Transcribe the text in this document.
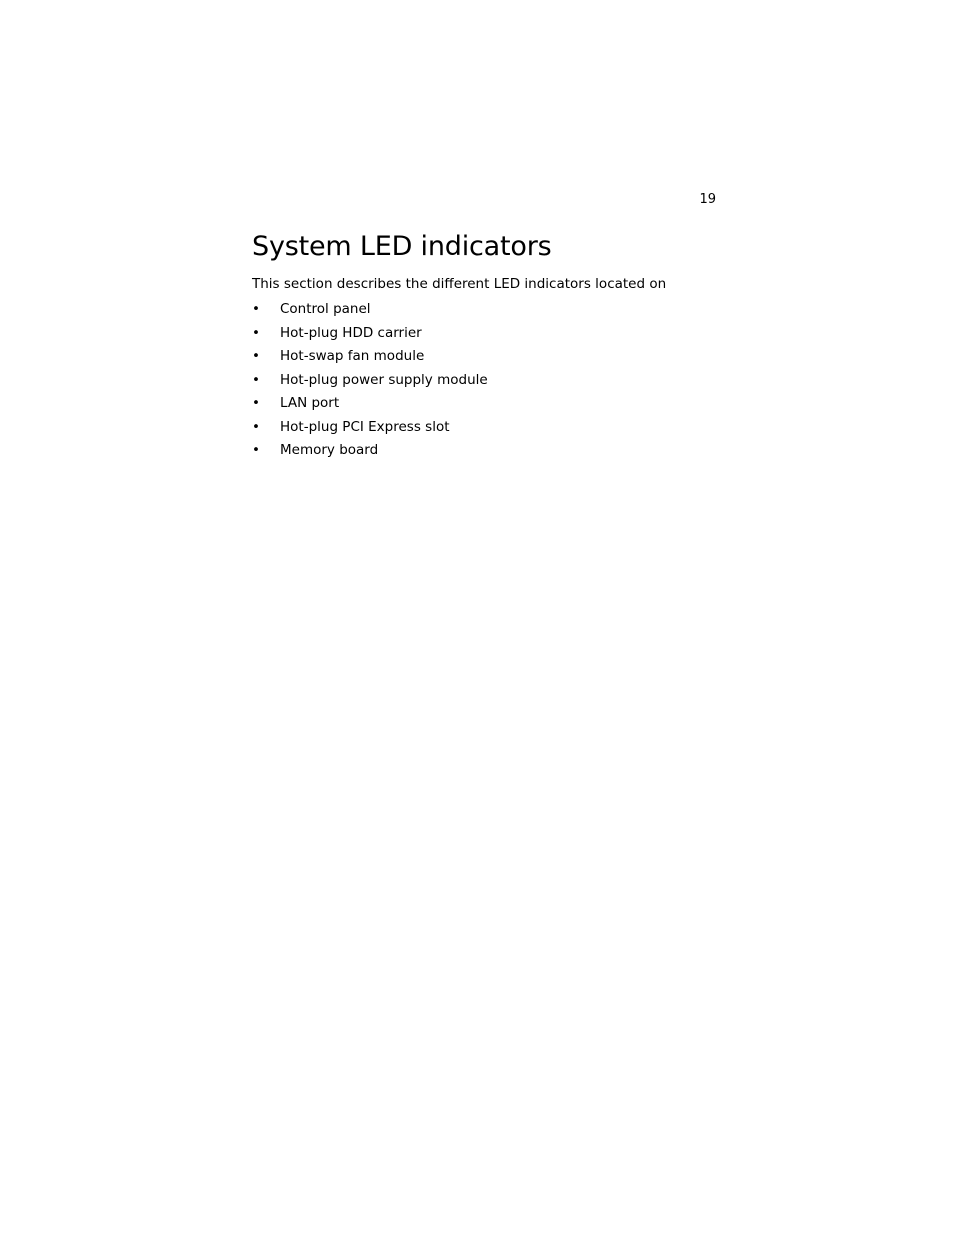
19
System LED indicators

This section describes the different LED indicators located on

• Control panel
• Hot-plug HDD carrier
• Hot-swap fan module
• Hot-plug power supply module
• LAN port
• Hot-plug PCI Express slot
• Memory board
